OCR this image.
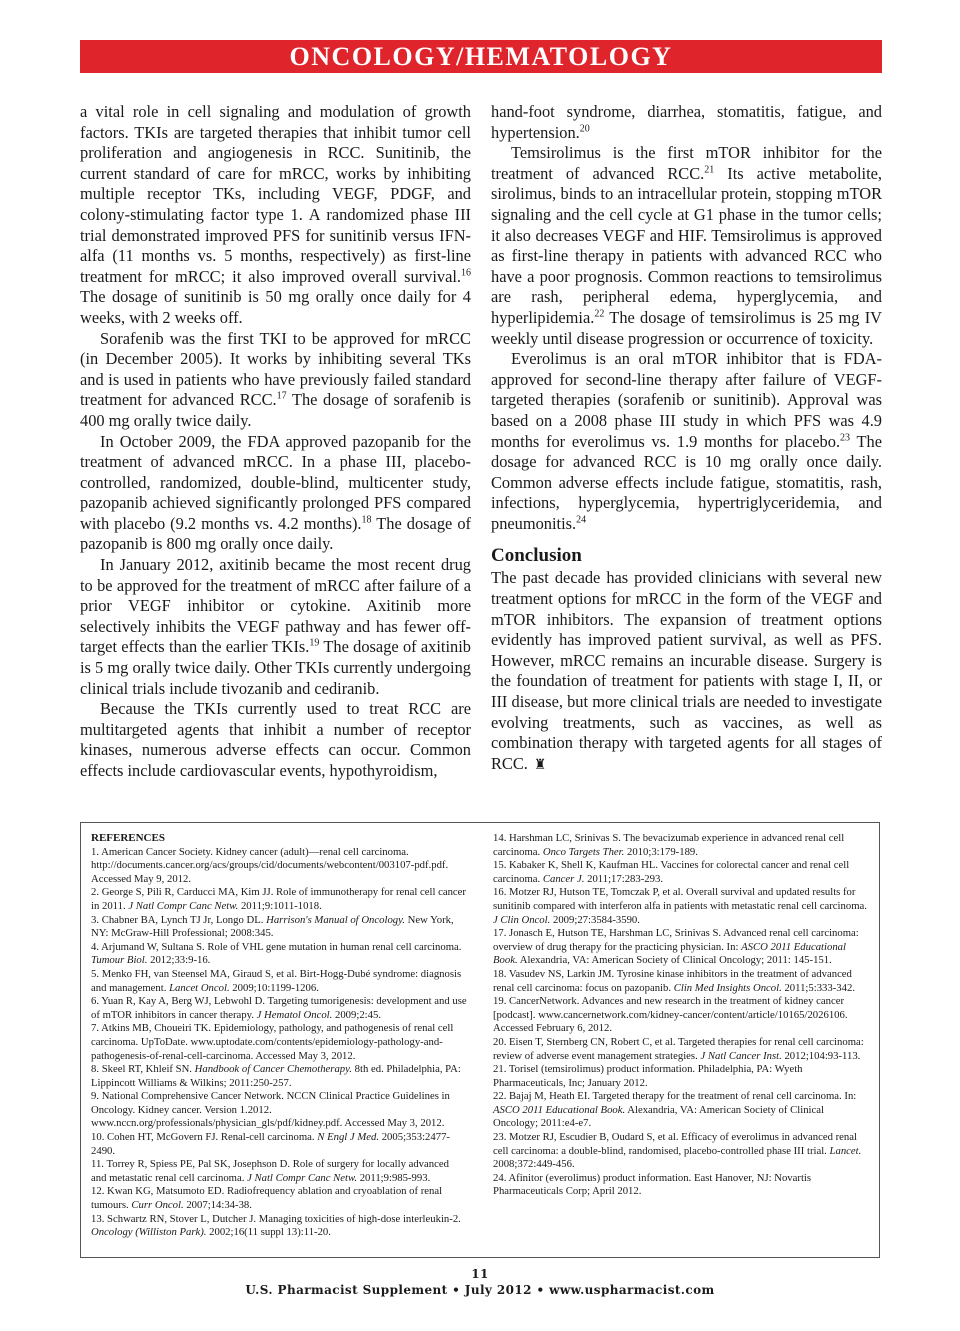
ONCOLOGY/HEMATOLOGY

a vital role in cell signaling and modulation of growth factors. TKIs are targeted therapies that inhibit tumor cell proliferation and angiogenesis in RCC. Sunitinib, the current standard of care for mRCC, works by inhibiting multiple receptor TKs, including VEGF, PDGF, and colony-stimulating factor type 1. A randomized phase III trial demonstrated improved PFS for sunitinib versus IFN-alfa (11 months vs. 5 months, respectively) as first-line treatment for mRCC; it also improved overall survival.$^{16}$ The dosage of sunitinib is 50 mg orally once daily for 4 weeks, with 2 weeks off.

Sorafenib was the first TKI to be approved for mRCC (in December 2005). It works by inhibiting several TKs and is used in patients who have previously failed standard treatment for advanced RCC.$^{17}$ The dosage of sorafenib is 400 mg orally twice daily.

In October 2009, the FDA approved pazopanib for the treatment of advanced mRCC. In a phase III, placebo-controlled, randomized, double-blind, multicenter study, pazopanib achieved significantly prolonged PFS compared with placebo (9.2 months vs. 4.2 months).$^{18}$ The dosage of pazopanib is 800 mg orally once daily.

In January 2012, axitinib became the most recent drug to be approved for the treatment of mRCC after failure of a prior VEGF inhibitor or cytokine. Axitinib more selectively inhibits the VEGF pathway and has fewer off-target effects than the earlier TKIs.$^{19}$ The dosage of axitinib is 5 mg orally twice daily. Other TKIs currently undergoing clinical trials include tivozanib and cediranib.

Because the TKIs currently used to treat RCC are multitargeted agents that inhibit a number of receptor kinases, numerous adverse effects can occur. Common effects include cardiovascular events, hypothyroidism,

hand-foot syndrome, diarrhea, stomatitis, fatigue, and hypertension.$^{20}$

Temsirolimus is the first mTOR inhibitor for the treatment of advanced RCC.$^{21}$ Its active metabolite, sirolimus, binds to an intracellular protein, stopping mTOR signaling and the cell cycle at G1 phase in the tumor cells; it also decreases VEGF and HIF. Temsirolimus is approved as first-line therapy in patients with advanced RCC who have a poor prognosis. Common reactions to temsirolimus are rash, peripheral edema, hyperglycemia, and hyperlipidemia.$^{22}$ The dosage of temsirolimus is 25 mg IV weekly until disease progression or occurrence of toxicity.

Everolimus is an oral mTOR inhibitor that is FDA-approved for second-line therapy after failure of VEGF-targeted therapies (sorafenib or sunitinib). Approval was based on a 2008 phase III study in which PFS was 4.9 months for everolimus vs. 1.9 months for placebo.$^{23}$ The dosage for advanced RCC is 10 mg orally once daily. Common adverse effects include fatigue, stomatitis, rash, infections, hyperglycemia, hypertriglyceridemia, and pneumonitis.$^{24}$

Conclusion

The past decade has provided clinicians with several new treatment options for mRCC in the form of the VEGF and mTOR inhibitors. The expansion of treatment options evidently has improved patient survival, as well as PFS. However, mRCC remains an incurable disease. Surgery is the foundation of treatment for patients with stage I, II, or III disease, but more clinical trials are needed to investigate evolving treatments, such as vaccines, as well as combination therapy with targeted agents for all stages of RCC. ♜

REFERENCES

1. American Cancer Society. Kidney cancer (adult)—renal cell carcinoma. http://documents.cancer.org/acs/groups/cid/documents/webcontent/003107-pdf.pdf. Accessed May 9, 2012.

2. George S, Pili R, Carducci MA, Kim JJ. Role of immunotherapy for renal cell cancer in 2011. J Natl Compr Canc Netw. 2011;9:1011-1018.

3. Chabner BA, Lynch TJ Jr, Longo DL. Harrison's Manual of Oncology. New York, NY: McGraw-Hill Professional; 2008:345.

4. Arjumand W, Sultana S. Role of VHL gene mutation in human renal cell carcinoma. Tumour Biol. 2012;33:9-16.

5. Menko FH, van Steensel MA, Giraud S, et al. Birt-Hogg-Dubé syndrome: diagnosis and management. Lancet Oncol. 2009;10:1199-1206.

6. Yuan R, Kay A, Berg WJ, Lebwohl D. Targeting tumorigenesis: development and use of mTOR inhibitors in cancer therapy. J Hematol Oncol. 2009;2:45.

7. Atkins MB, Choueiri TK. Epidemiology, pathology, and pathogenesis of renal cell carcinoma. UpToDate. www.uptodate.com/contents/epidemiology-pathology-and-pathogenesis-of-renal-cell-carcinoma. Accessed May 3, 2012.

8. Skeel RT, Khleif SN. Handbook of Cancer Chemotherapy. 8th ed. Philadelphia, PA: Lippincott Williams & Wilkins; 2011:250-257.

9. National Comprehensive Cancer Network. NCCN Clinical Practice Guidelines in Oncology. Kidney cancer. Version 1.2012. www.nccn.org/professionals/physician_gls/pdf/kidney.pdf. Accessed May 3, 2012.

10. Cohen HT, McGovern FJ. Renal-cell carcinoma. N Engl J Med. 2005;353:2477-2490.

11. Torrey R, Spiess PE, Pal SK, Josephson D. Role of surgery for locally advanced and metastatic renal cell carcinoma. J Natl Compr Canc Netw. 2011;9:985-993.

12. Kwan KG, Matsumoto ED. Radiofrequency ablation and cryoablation of renal tumours. Curr Oncol. 2007;14:34-38.

13. Schwartz RN, Stover L, Dutcher J. Managing toxicities of high-dose interleukin-2. Oncology (Williston Park). 2002;16(11 suppl 13):11-20.

14. Harshman LC, Srinivas S. The bevacizumab experience in advanced renal cell carcinoma. Onco Targets Ther. 2010;3:179-189.

15. Kabaker K, Shell K, Kaufman HL. Vaccines for colorectal cancer and renal cell carcinoma. Cancer J. 2011;17:283-293.

16. Motzer RJ, Hutson TE, Tomczak P, et al. Overall survival and updated results for sunitinib compared with interferon alfa in patients with metastatic renal cell carcinoma. J Clin Oncol. 2009;27:3584-3590.

17. Jonasch E, Hutson TE, Harshman LC, Srinivas S. Advanced renal cell carcinoma: overview of drug therapy for the practicing physician. In: ASCO 2011 Educational Book. Alexandria, VA: American Society of Clinical Oncology; 2011: 145-151.

18. Vasudev NS, Larkin JM. Tyrosine kinase inhibitors in the treatment of advanced renal cell carcinoma: focus on pazopanib. Clin Med Insights Oncol. 2011;5:333-342.

19. CancerNetwork. Advances and new research in the treatment of kidney cancer [podcast]. www.cancernetwork.com/kidney-cancer/content/article/10165/2026106. Accessed February 6, 2012.

20. Eisen T, Sternberg CN, Robert C, et al. Targeted therapies for renal cell carcinoma: review of adverse event management strategies. J Natl Cancer Inst. 2012;104:93-113.

21. Torisel (temsirolimus) product information. Philadelphia, PA: Wyeth Pharmaceuticals, Inc; January 2012.

22. Bajaj M, Heath EI. Targeted therapy for the treatment of renal cell carcinoma. In: ASCO 2011 Educational Book. Alexandria, VA: American Society of Clinical Oncology; 2011:e4-e7.

23. Motzer RJ, Escudier B, Oudard S, et al. Efficacy of everolimus in advanced renal cell carcinoma: a double-blind, randomised, placebo-controlled phase III trial. Lancet. 2008;372:449-456.

24. Afinitor (everolimus) product information. East Hanover, NJ: Novartis Pharmaceuticals Corp; April 2012.

11
U.S. Pharmacist Supplement • July 2012 • www.uspharmacist.com
